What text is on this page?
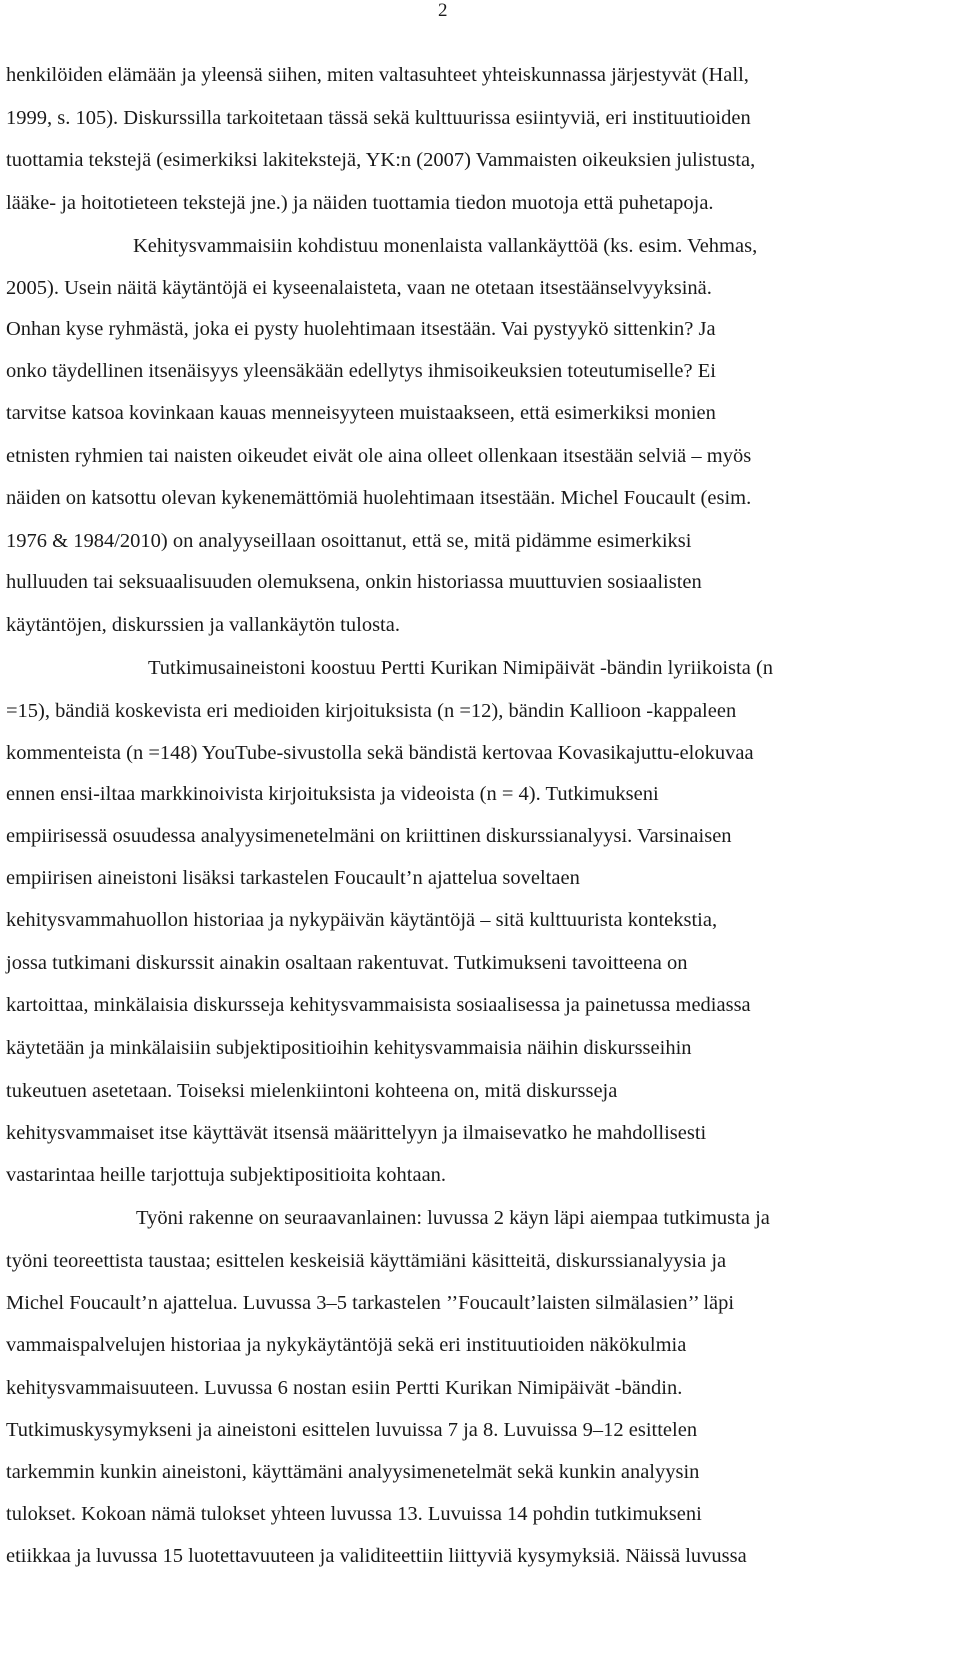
2
henkilöiden elämään ja yleensä siihen, miten valtasuhteet yhteiskunnassa järjestyvät (Hall,
1999, s. 105). Diskurssilla tarkoitetaan tässä sekä kulttuurissa esiintyviä, eri instituutioiden
tuottamia tekstejä (esimerkiksi lakitekstejä, YK:n (2007) Vammaisten oikeuksien julistusta,
lääke- ja hoitotieteen tekstejä jne.) ja näiden tuottamia tiedon muotoja että puhetapoja.
Kehitysvammaisiin kohdistuu monenlaista vallankäyttöä (ks. esim. Vehmas,
2005). Usein näitä käytäntöjä ei kyseenalaisteta, vaan ne otetaan itsestäänselvyyksinä.
Onhan kyse ryhmästä, joka ei pysty huolehtimaan itsestään. Vai pystyykö sittenkin? Ja
onko täydellinen itsenäisyys yleensäkään edellytys ihmisoikeuksien toteutumiselle? Ei
tarvitse katsoa kovinkaan kauas menneisyyteen muistaakseen, että esimerkiksi monien
etnisten ryhmien tai naisten oikeudet eivät ole aina olleet ollenkaan itsestään selviä – myös
näiden on katsottu olevan kykenemättömiä huolehtimaan itsestään. Michel Foucault (esim.
1976 & 1984/2010) on analyyseillaan osoittanut, että se, mitä pidämme esimerkiksi
hulluuden tai seksuaalisuuden olemuksena, onkin historiassa muuttuvien sosiaalisten
käytäntöjen, diskurssien ja vallankäytön tulosta.
Tutkimusaineistoni koostuu Pertti Kurikan Nimipäivät -bändin lyriikoista (n
=15), bändiä koskevista eri medioiden kirjoituksista (n =12), bändin Kallioon -kappaleen
kommenteista (n =148) YouTube-sivustolla sekä bändistä kertovaa Kovasikajuttu-elokuvaa
ennen ensi-iltaa markkinoivista kirjoituksista ja videoista (n = 4). Tutkimukseni
empiirisessä osuudessa analyysimenetelmäni on kriittinen diskurssianalyysi. Varsinaisen
empiirisen aineistoni lisäksi tarkastelen Foucault’n ajattelua soveltaen
kehitysvammahuollon historiaa ja nykypäivän käytäntöjä – sitä kulttuurista kontekstia,
jossa tutkimani diskurssit ainakin osaltaan rakentuvat. Tutkimukseni tavoitteena on
kartoittaa, minkälaisia diskursseja kehitysvammaisista sosiaalisessa ja painetussa mediassa
käytetään ja minkälaisiin subjektipositioihin kehitysvammaisia näihin diskursseihin
tukeutuen asetetaan. Toiseksi mielenkiintoni kohteena on, mitä diskursseja
kehitysvammaiset itse käyttävät itsensä määrittelyyn ja ilmaisevatko he mahdollisesti
vastarintaa heille tarjottuja subjektipositioita kohtaan.
Työni rakenne on seuraavanlainen: luvussa 2 käyn läpi aiempaa tutkimusta ja
työni teoreettista taustaa; esittelen keskeisiä käyttämiäni käsitteitä, diskurssianalyysia ja
Michel Foucault’n ajattelua. Luvussa 3–5 tarkastelen ’’Foucault’laisten silmälasien’’ läpi
vammaispalvelujen historiaa ja nykykäytäntöjä sekä eri instituutioiden näkökulmia
kehitysvammaisuuteen. Luvussa 6 nostan esiin Pertti Kurikan Nimipäivät -bändin.
Tutkimuskysymykseni ja aineistoni esittelen luvuissa 7 ja 8. Luvuissa 9–12 esittelen
tarkemmin kunkin aineistoni, käyttämäni analyysimenetelmät sekä kunkin analyysin
tulokset. Kokoan nämä tulokset yhteen luvussa 13. Luvuissa 14 pohdin tutkimukseni
etiikkaa ja luvussa 15 luotettavuuteen ja validiteettiin liittyviä kysymyksiä. Näissä luvussa
